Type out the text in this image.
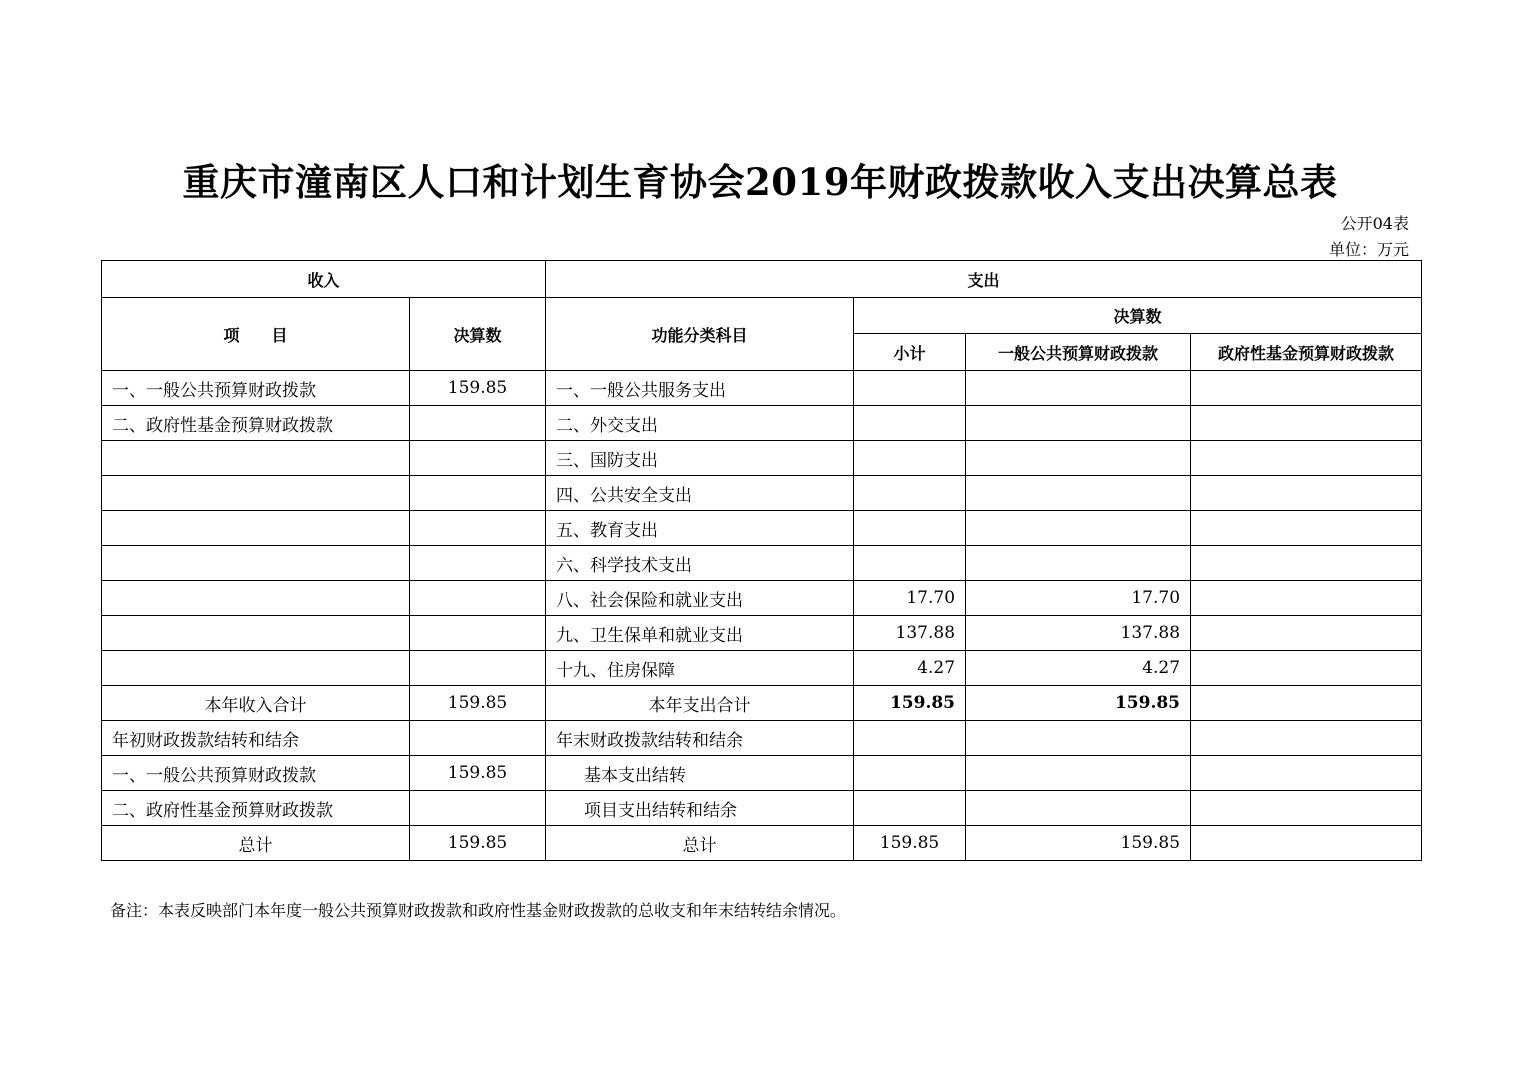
重庆市潼南区人口和计划生育协会2019年财政拨款收入支出决算总表
公开04表
单位：万元
收入		支出			
项　　目	决算数	功能分类科目	决算数		
			小计	一般公共预算财政拨款	政府性基金预算财政拨款
一、一般公共预算财政拨款	159.85	一、一般公共服务支出			
二、政府性基金预算财政拨款		二、外交支出			
		三、国防支出			
		四、公共安全支出			
		五、教育支出			
		六、科学技术支出			
		八、社会保险和就业支出	17.70	17.70	
		九、卫生保单和就业支出	137.88	137.88	
		十九、住房保障	4.27	4.27	
本年收入合计	159.85	本年支出合计	159.85	159.85	
年初财政拨款结转和结余		年末财政拨款结转和结余			
一、一般公共预算财政拨款	159.85	基本支出结转			
二、政府性基金预算财政拨款		项目支出结转和结余			
总计	159.85	总计	159.85	159.85	
备注：本表反映部门本年度一般公共预算财政拨款和政府性基金财政拨款的总收支和年末结转结余情况。
